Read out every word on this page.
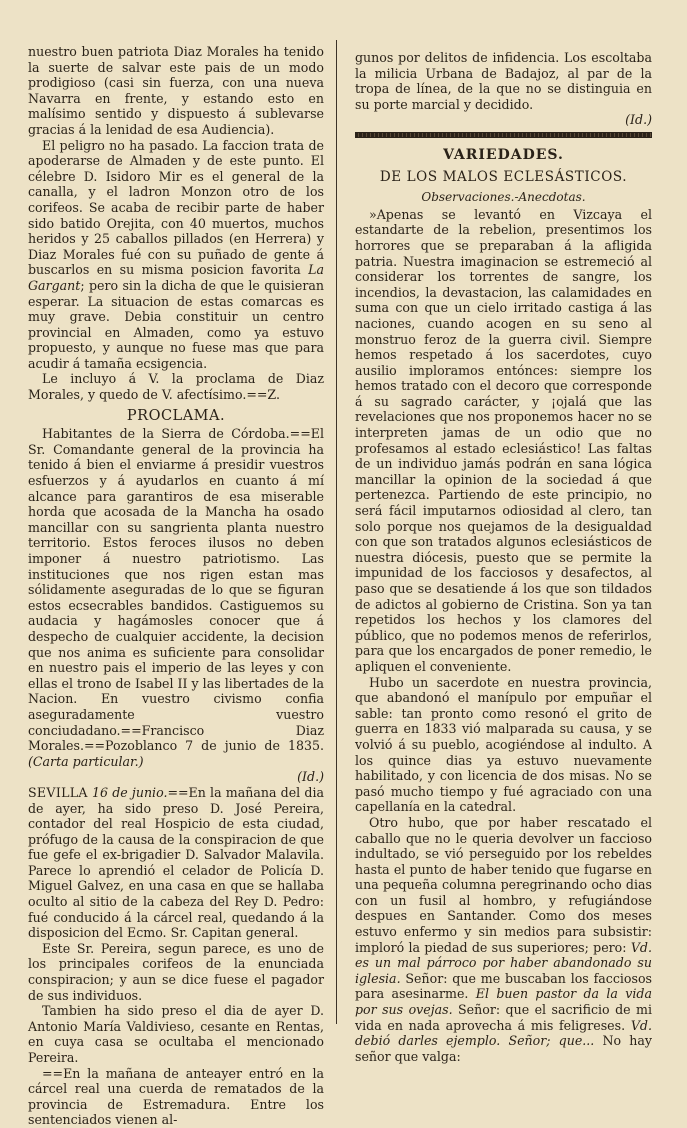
nuestro buen patriota Diaz Morales ha tenido la suerte de salvar este pais de un modo prodigioso (casi sin fuerza, con una nueva Navarra en frente, y estando esto en malísimo sentido y dispuesto á sublevarse gracias á la lenidad de esa Audiencia).

El peligro no ha pasado. La faccion trata de apoderarse de Almaden y de este punto. El célebre D. Isidoro Mir es el general de la canalla, y el ladron Monzon otro de los corifeos. Se acaba de recibir parte de haber sido batido Orejita, con 40 muertos, muchos heridos y 25 caballos pillados (en Herrera) y Diaz Morales fué con su puñado de gente á buscarlos en su misma posicion favorita La Gargant; pero sin la dicha de que le quisieran esperar. La situacion de estas comarcas es muy grave. Debia constituir un centro provincial en Almaden, como ya estuvo propuesto, y aunque no fuese mas que para acudir á tamaña ecsigencia.

Le incluyo á V. la proclama de Diaz Morales, y quedo de V. afectísimo.==Z.

PROCLAMA.

Habitantes de la Sierra de Córdoba.==El Sr. Comandante general de la provincia ha tenido á bien el enviarme á presidir vuestros esfuerzos y á ayudarlos en cuanto á mí alcance para garantiros de esa miserable horda que acosada de la Mancha ha osado mancillar con su sangrienta planta nuestro territorio. Estos feroces ilusos no deben imponer á nuestro patriotismo. Las instituciones que nos rigen estan mas sólidamente aseguradas de lo que se figuran estos ecsecrables bandidos. Castiguemos su audacia y hagámosles conocer que á despecho de cualquier accidente, la decision que nos anima es suficiente para consolidar en nuestro pais el imperio de las leyes y con ellas el trono de Isabel II y las libertades de la Nacion. En vuestro civismo confia aseguradamente vuestro conciudadano.==Francisco Diaz Morales.==Pozoblanco 7 de junio de 1835. (Carta particular.)

(Id.)

SEVILLA 16 de junio.==En la mañana del dia de ayer, ha sido preso D. José Pereira, contador del real Hospicio de esta ciudad, prófugo de la causa de la conspiracion de que fue gefe el ex-brigadier D. Salvador Malavila. Parece lo aprendió el celador de Policía D. Miguel Galvez, en una casa en que se hallaba oculto al sitio de la cabeza del Rey D. Pedro: fué conducido á la cárcel real, quedando á la disposicion del Ecmo. Sr. Capitan general.

Este Sr. Pereira, segun parece, es uno de los principales corifeos de la enunciada conspiracion; y aun se dice fuese el pagador de sus individuos.

Tambien ha sido preso el dia de ayer D. Antonio María Valdivieso, cesante en Rentas, en cuya casa se ocultaba el mencionado Pereira.

==En la mañana de anteayer entró en la cárcel real una cuerda de rematados de la provincia de Estremadura. Entre los sentenciados vienen al-

gunos por delitos de infidencia. Los escoltaba la milicia Urbana de Badajoz, al par de la tropa de línea, de la que no se distinguia en su porte marcial y decidido.

(Id.)

VARIEDADES.

DE LOS MALOS ECLESÁSTICOS.

Observaciones.-Anecdotas.

»Apenas se levantó en Vizcaya el estandarte de la rebelion, presentimos los horrores que se preparaban á la afligida patria. Nuestra imaginacion se estremeció al considerar los torrentes de sangre, los incendios, la devastacion, las calamidades en suma con que un cielo irritado castiga á las naciones, cuando acogen en su seno al monstruo feroz de la guerra civil. Siempre hemos respetado á los sacerdotes, cuyo ausilio imploramos entónces: siempre los hemos tratado con el decoro que corresponde á su sagrado carácter, y ¡ojalá que las revelaciones que nos proponemos hacer no se interpreten jamas de un odio que no profesamos al estado eclesiástico! Las faltas de un individuo jamás podrán en sana lógica mancillar la opinion de la sociedad á que pertenezca. Partiendo de este principio, no será fácil imputarnos odiosidad al clero, tan solo porque nos quejamos de la desigualdad con que son tratados algunos eclesiásticos de nuestra diócesis, puesto que se permite la impunidad de los facciosos y desafectos, al paso que se desatiende á los que son tildados de adictos al gobierno de Cristina. Son ya tan repetidos los hechos y los clamores del público, que no podemos menos de referirlos, para que los encargados de poner remedio, le apliquen el conveniente.

Hubo un sacerdote en nuestra provincia, que abandonó el manípulo por empuñar el sable: tan pronto como resonó el grito de guerra en 1833 vió malparada su causa, y se volvió á su pueblo, acogiéndose al indulto. A los quince dias ya estuvo nuevamente habilitado, y con licencia de dos misas. No se pasó mucho tiempo y fué agraciado con una capellanía en la catedral.

Otro hubo, que por haber rescatado el caballo que no le queria devolver un faccioso indultado, se vió perseguido por los rebeldes hasta el punto de haber tenido que fugarse en una pequeña columna peregrinando ocho dias con un fusil al hombro, y refugiándose despues en Santander. Como dos meses estuvo enfermo y sin medios para subsistir: imploró la piedad de sus superiores; pero: Vd. es un mal párroco por haber abandonado su iglesia. Señor: que me buscaban los facciosos para asesinarme. El buen pastor da la vida por sus ovejas. Señor: que el sacrificio de mi vida en nada aprovecha á mis feligreses. Vd. debió darles ejemplo. Señor; que... No hay señor que valga:
